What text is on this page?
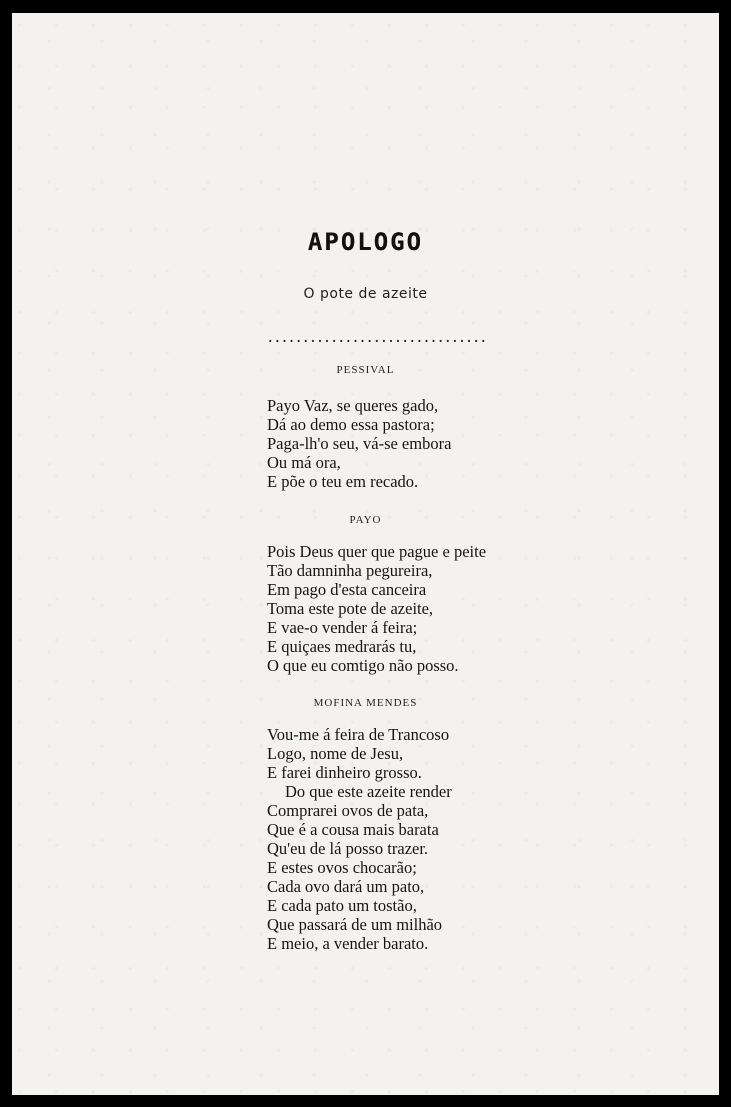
APOLOGO
O pote de azeite
...............................
PESSIVAL
Payo Vaz, se queres gado,
Dá ao demo essa pastora;
Paga-lh'o seu, vá-se embora
Ou má ora,
E põe o teu em recado.
PAYO
Pois Deus quer que pague e peite
Tão damninha pegureira,
Em pago d'esta canceira
Toma este pote de azeite,
E vae-o vender á feira;
E quiçaes medrarás tu,
O que eu comtigo não posso.
MOFINA MENDES
Vou-me á feira de Trancoso
Logo, nome de Jesu,
E farei dinheiro grosso.
Do que este azeite render
Comprarei ovos de pata,
Que é a cousa mais barata
Qu'eu de lá posso trazer.
E estes ovos chocarão;
Cada ovo dará um pato,
E cada pato um tostão,
Que passará de um milhão
E meio, a vender barato.
